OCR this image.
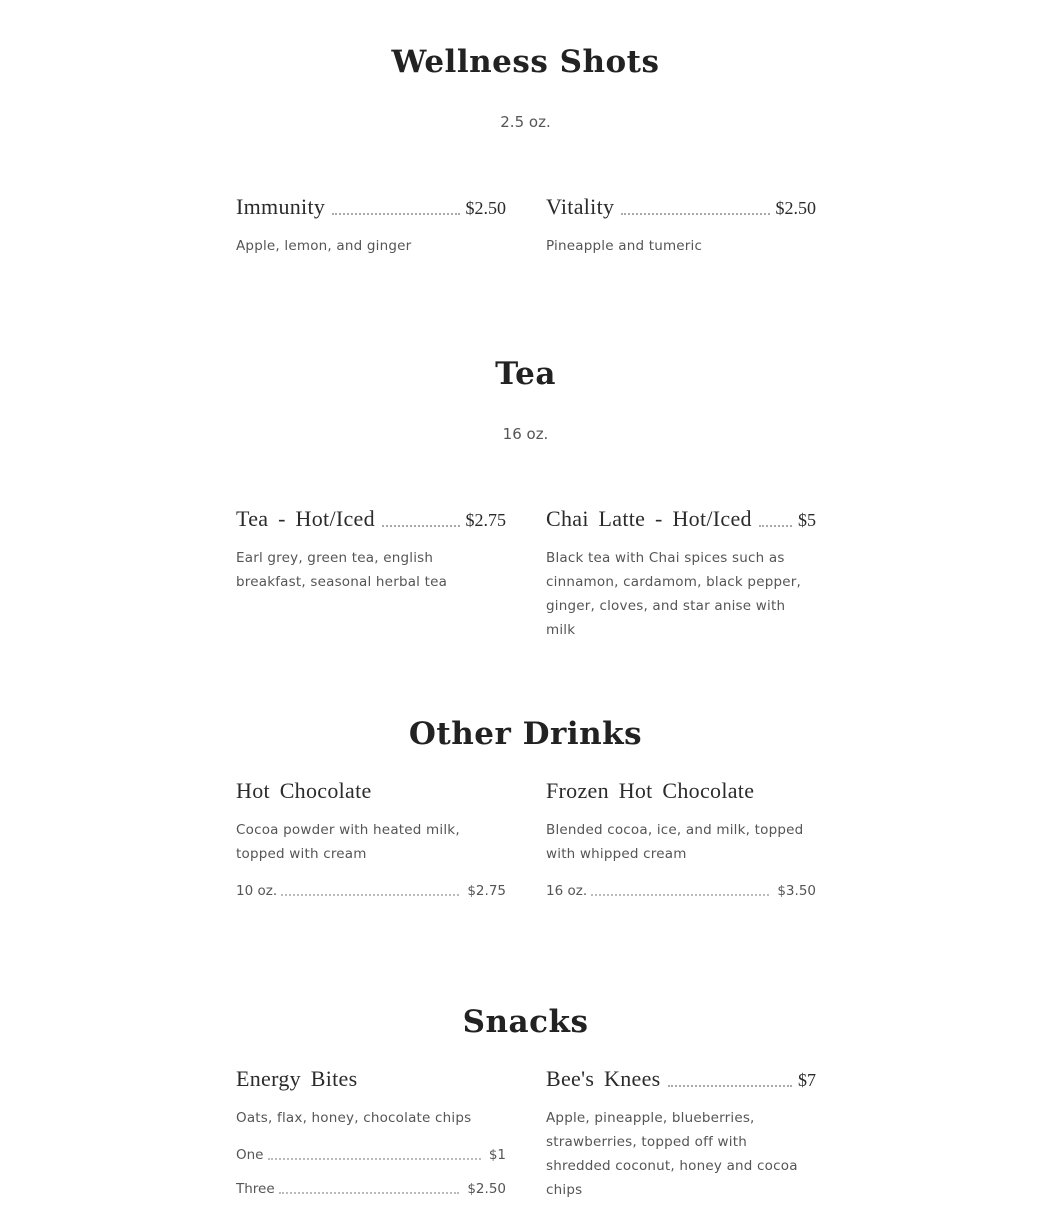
Wellness Shots
2.5 oz.
Immunity	$2.50
Apple, lemon, and ginger
Vitality	$2.50
Pineapple and tumeric
Tea
16 oz.
Tea - Hot/Iced	$2.75
Earl grey, green tea, english breakfast, seasonal herbal tea
Chai Latte - Hot/Iced	$5
Black tea with Chai spices such as cinnamon, cardamom, black pepper, ginger, cloves, and star anise with milk
Other Drinks
Hot Chocolate
Cocoa powder with heated milk, topped with cream
10 oz.	$2.75
Frozen Hot Chocolate
Blended cocoa, ice, and milk, topped with whipped cream
16 oz.	$3.50
Snacks
Energy Bites
Oats, flax, honey, chocolate chips
One	$1
Three	$2.50
Bee's Knees	$7
Apple, pineapple, blueberries, strawberries, topped off with shredded coconut, honey and cocoa chips
